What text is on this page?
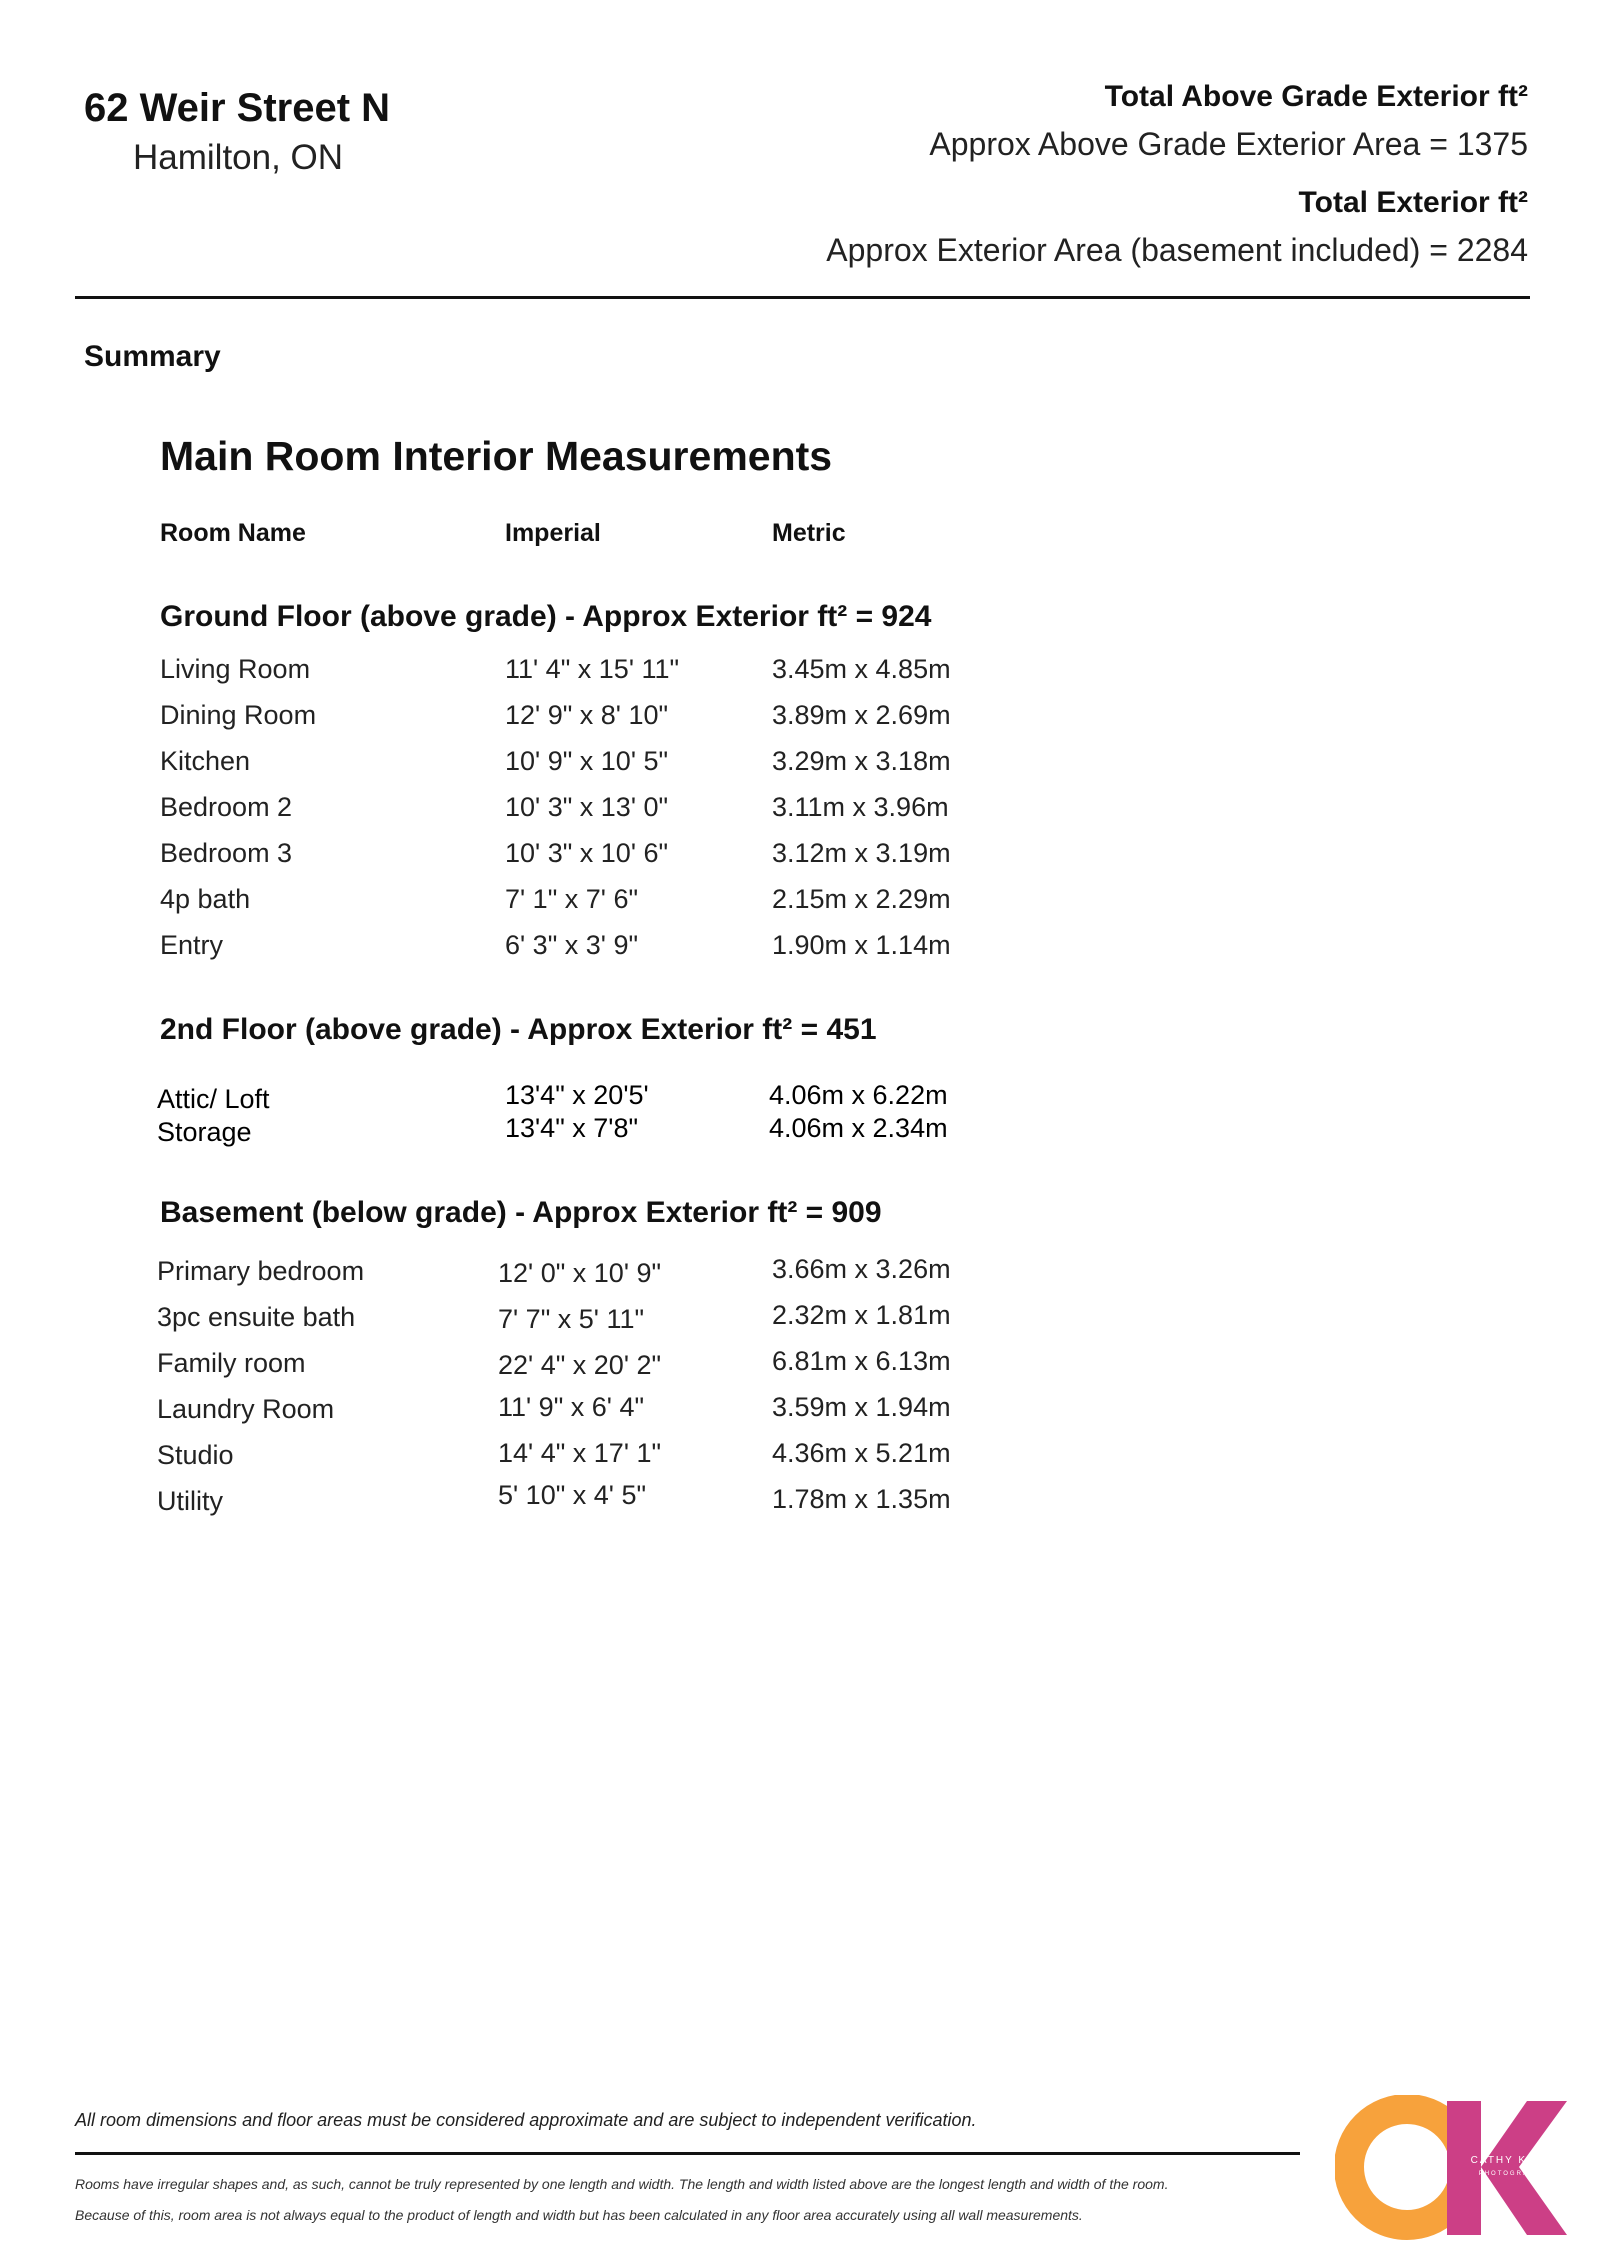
62 Weir Street N
Hamilton, ON
Total Above Grade Exterior ft²
Approx Above Grade Exterior Area = 1375
Total Exterior ft²
Approx Exterior Area (basement included) = 2284
Summary
Main Room Interior Measurements
Room Name	Imperial	Metric
Ground Floor (above grade) - Approx Exterior ft² = 924
Living Room	11' 4" x 15' 11"	3.45m x 4.85m
Dining Room	12' 9" x 8' 10"	3.89m x 2.69m
Kitchen	10' 9" x 10' 5"	3.29m x 3.18m
Bedroom 2	10' 3" x 13' 0"	3.11m x 3.96m
Bedroom 3	10' 3" x 10' 6"	3.12m x 3.19m
4p bath	7' 1" x 7' 6"	2.15m x 2.29m
Entry	6' 3" x 3' 9"	1.90m x 1.14m
2nd Floor (above grade) - Approx Exterior ft² = 451
Attic/ Loft	13'4" x 20'5'	4.06m x 6.22m
Storage	13'4" x 7'8"	4.06m x 2.34m
Basement (below grade) - Approx Exterior ft² = 909
Primary bedroom	12' 0" x 10' 9"	3.66m x 3.26m
3pc ensuite bath	7' 7" x 5' 11"	2.32m x 1.81m
Family room	22' 4" x 20' 2"	6.81m x 6.13m
Laundry Room	11' 9" x 6' 4"	3.59m x 1.94m
Studio	14' 4" x 17' 1"	4.36m x 5.21m
Utility	5' 10" x 4' 5"	1.78m x 1.35m
All room dimensions and floor areas must be considered approximate and are subject to independent verification.
Rooms have irregular shapes and, as such, cannot be truly represented by one length and width. The length and width listed above are the longest length and width of the room.
Because of this, room area is not always equal to the product of length and width but has been calculated in any floor area accurately using all wall measurements.
CATHY KOOP
PHOTOGRAPHY
